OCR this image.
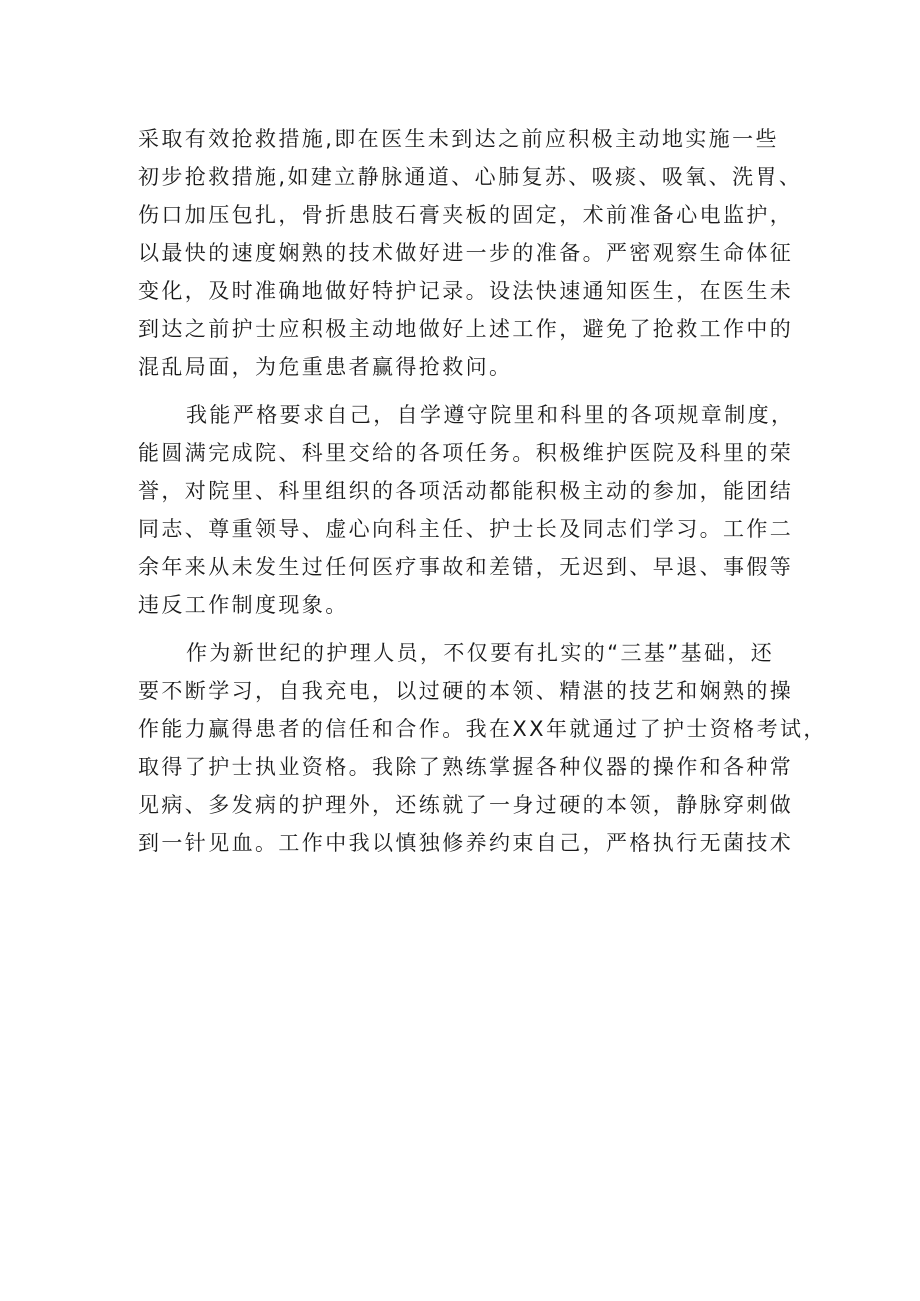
采取有效抢救措施,即在医生未到达之前应积极主动地实施一些
初步抢救措施,如建立静脉通道、心肺复苏、吸痰、吸氧、洗胃、
伤口加压包扎，骨折患肢石膏夹板的固定，术前准备心电监护，
以最快的速度娴熟的技术做好进一步的准备。严密观察生命体征
变化，及时准确地做好特护记录。设法快速通知医生，在医生未
到达之前护士应积极主动地做好上述工作，避免了抢救工作中的
混乱局面，为危重患者赢得抢救问。
我能严格要求自己，自学遵守院里和科里的各项规章制度，
能圆满完成院、科里交给的各项任务。积极维护医院及科里的荣
誉，对院里、科里组织的各项活动都能积极主动的参加，能团结
同志、尊重领导、虚心向科主任、护士长及同志们学习。工作二
余年来从未发生过任何医疗事故和差错，无迟到、早退、事假等
违反工作制度现象。
作为新世纪的护理人员，不仅要有扎实的“三基”基础，还
要不断学习，自我充电，以过硬的本领、精湛的技艺和娴熟的操
作能力赢得患者的信任和合作。我在XX年就通过了护士资格考试，
取得了护士执业资格。我除了熟练掌握各种仪器的操作和各种常
见病、多发病的护理外，还练就了一身过硬的本领，静脉穿刺做
到一针见血。工作中我以慎独修养约束自己，严格执行无菌技术
